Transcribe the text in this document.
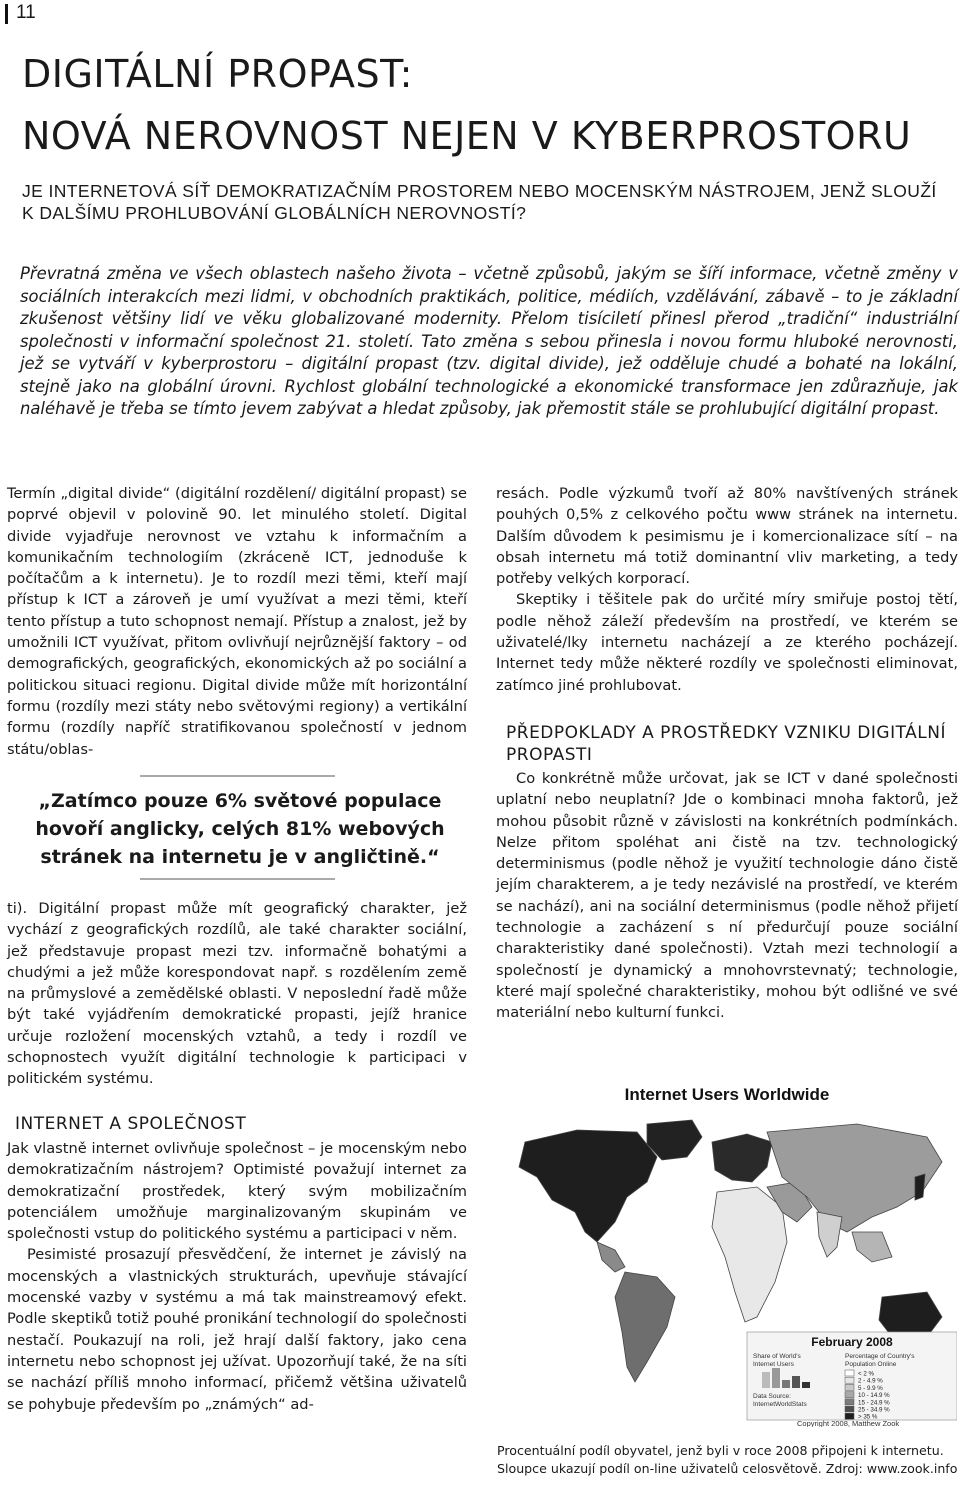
11
DIGITÁLNÍ PROPAST:
NOVÁ NEROVNOST NEJEN V KYBERPROSTORU
JE INTERNETOVÁ SÍŤ DEMOKRATIZAČNÍM PROSTOREM NEBO MOCENSKÝM NÁSTROJEM, JENŽ SLOUŽÍ K DALŠÍMU PROHLUBOVÁNÍ GLOBÁLNÍCH NEROVNOSTÍ?

Převratná změna ve všech oblastech našeho života – včetně způsobů, jakým se šíří informace, včetně změny v sociálních interakcích mezi lidmi, v obchodních praktikách, politice, médiích, vzdělávání, zábavě – to je základní zkušenost většiny lidí ve věku globalizované modernity. Přelom tisíciletí přinesl přerod „tradiční“ industriální společnosti v informační společnost 21. století. Tato změna s sebou přinesla i novou formu hluboké nerovnosti, jež se vytváří v kyberprostoru – digitální propast (tzv. digital divide), jež odděluje chudé a bohaté na lokální, stejně jako na globální úrovni. Rychlost globální technologické a ekonomické transformace jen zdůrazňuje, jak naléhavě je třeba se tímto jevem zabývat a hledat způsoby, jak přemostit stále se prohlubující digitální propast.

Termín „digital divide“ (digitální rozdělení/ digitální propast) se poprvé objevil v polovině 90. let minulého století. Digital divide vyjadřuje nerovnost ve vztahu k informačním a komunikačním technologiím (zkráceně ICT, jednoduše k počítačům a k internetu). Je to rozdíl mezi těmi, kteří mají přístup k ICT a zároveň je umí využívat a mezi těmi, kteří tento přístup a tuto schopnost nemají. Přístup a znalost, jež by umožnili ICT využívat, přitom ovlivňují nejrůznější faktory – od demografických, geografických, ekonomických až po sociální a politickou situaci regionu. Digital divide může mít horizontální formu (rozdíly mezi státy nebo světovými regiony) a vertikální formu (rozdíly napříč stratifikovanou společností v jednom státu/oblas-

„Zatímco pouze 6% světové populace hovoří anglicky, celých 81% webových stránek na internetu je v angličtině.“

ti). Digitální propast může mít geografický charakter, jež vychází z geografických rozdílů, ale také charakter sociální, jež představuje propast mezi tzv. informačně bohatými a chudými a jež může korespondovat např. s rozdělením země na průmyslové a zemědělské oblasti. V neposlední řadě může být také vyjádřením demokratické propasti, jejíž hranice určuje rozložení mocenských vztahů, a tedy i rozdíl ve schopnostech využít digitální technologie k participaci v politickém systému.

INTERNET A SPOLEČNOST

Jak vlastně internet ovlivňuje společnost – je mocenským nebo demokratizačním nástrojem? Optimisté považují internet za demokratizační prostředek, který svým mobilizačním potenciálem umožňuje marginalizovaným skupinám ve společnosti vstup do politického systému a participaci v něm.

Pesimisté prosazují přesvědčení, že internet je závislý na mocenských a vlastnických strukturách, upevňuje stávající mocenské vazby v systému a má tak mainstreamový efekt. Podle skeptiků totiž pouhé pronikání technologií do společnosti nestačí. Poukazují na roli, jež hrají další faktory, jako cena internetu nebo schopnost jej užívat. Upozorňují také, že na síti se nachází příliš mnoho informací, přičemž většina uživatelů se pohybuje především po „známých“ ad-

resách. Podle výzkumů tvoří až 80% navštívených stránek pouhých 0,5% z celkového počtu www stránek na internetu. Dalším důvodem k pesimismu je i komercionalizace sítí – na obsah internetu má totiž dominantní vliv marketing, a tedy potřeby velkých korporací.

Skeptiky i těšitele pak do určité míry smiřuje postoj tětí, podle něhož záleží především na prostředí, ve kterém se uživatelé/lky internetu nacházejí a ze kterého pocházejí. Internet tedy může některé rozdíly ve společnosti eliminovat, zatímco jiné prohlubovat.

PŘEDPOKLADY A PROSTŘEDKY VZNIKU DIGITÁLNÍ PROPASTI

Co konkrétně může určovat, jak se ICT v dané společnosti uplatní nebo neuplatní? Jde o kombinaci mnoha faktorů, jež mohou působit různě v závislosti na konkrétních podmínkách. Nelze přitom spoléhat ani čistě na tzv. technologický determinismus (podle něhož je využití technologie dáno čistě jejím charakterem, a je tedy nezávislé na prostředí, ve kterém se nachází), ani na sociální determinismus (podle něhož přijetí technologie a zacházení s ní předurčují pouze sociální charakteristiky dané společnosti). Vztah mezi technologií a společností je dynamický a mnohovrstevnatý; technologie, které mají společné charakteristiky, mohou být odlišné ve své materiální nebo kulturní funkci.

Internet Users Worldwide
February 2008
Share of World's
Internet Users
Percentage of Country's
Population Online
Data Source:
InternetWorldStats
< 2 %
2 - 4.9 %
5 - 9.9 %
10 - 14.9 %
15 - 24.9 %
25 - 34.9 %
> 35 %
Copyright 2008, Matthew Zook

Procentuální podíl obyvatel, jenž byli v roce 2008 připojeni k internetu. Sloupce ukazují podíl on-line uživatelů celosvětově. Zdroj: www.zook.info
